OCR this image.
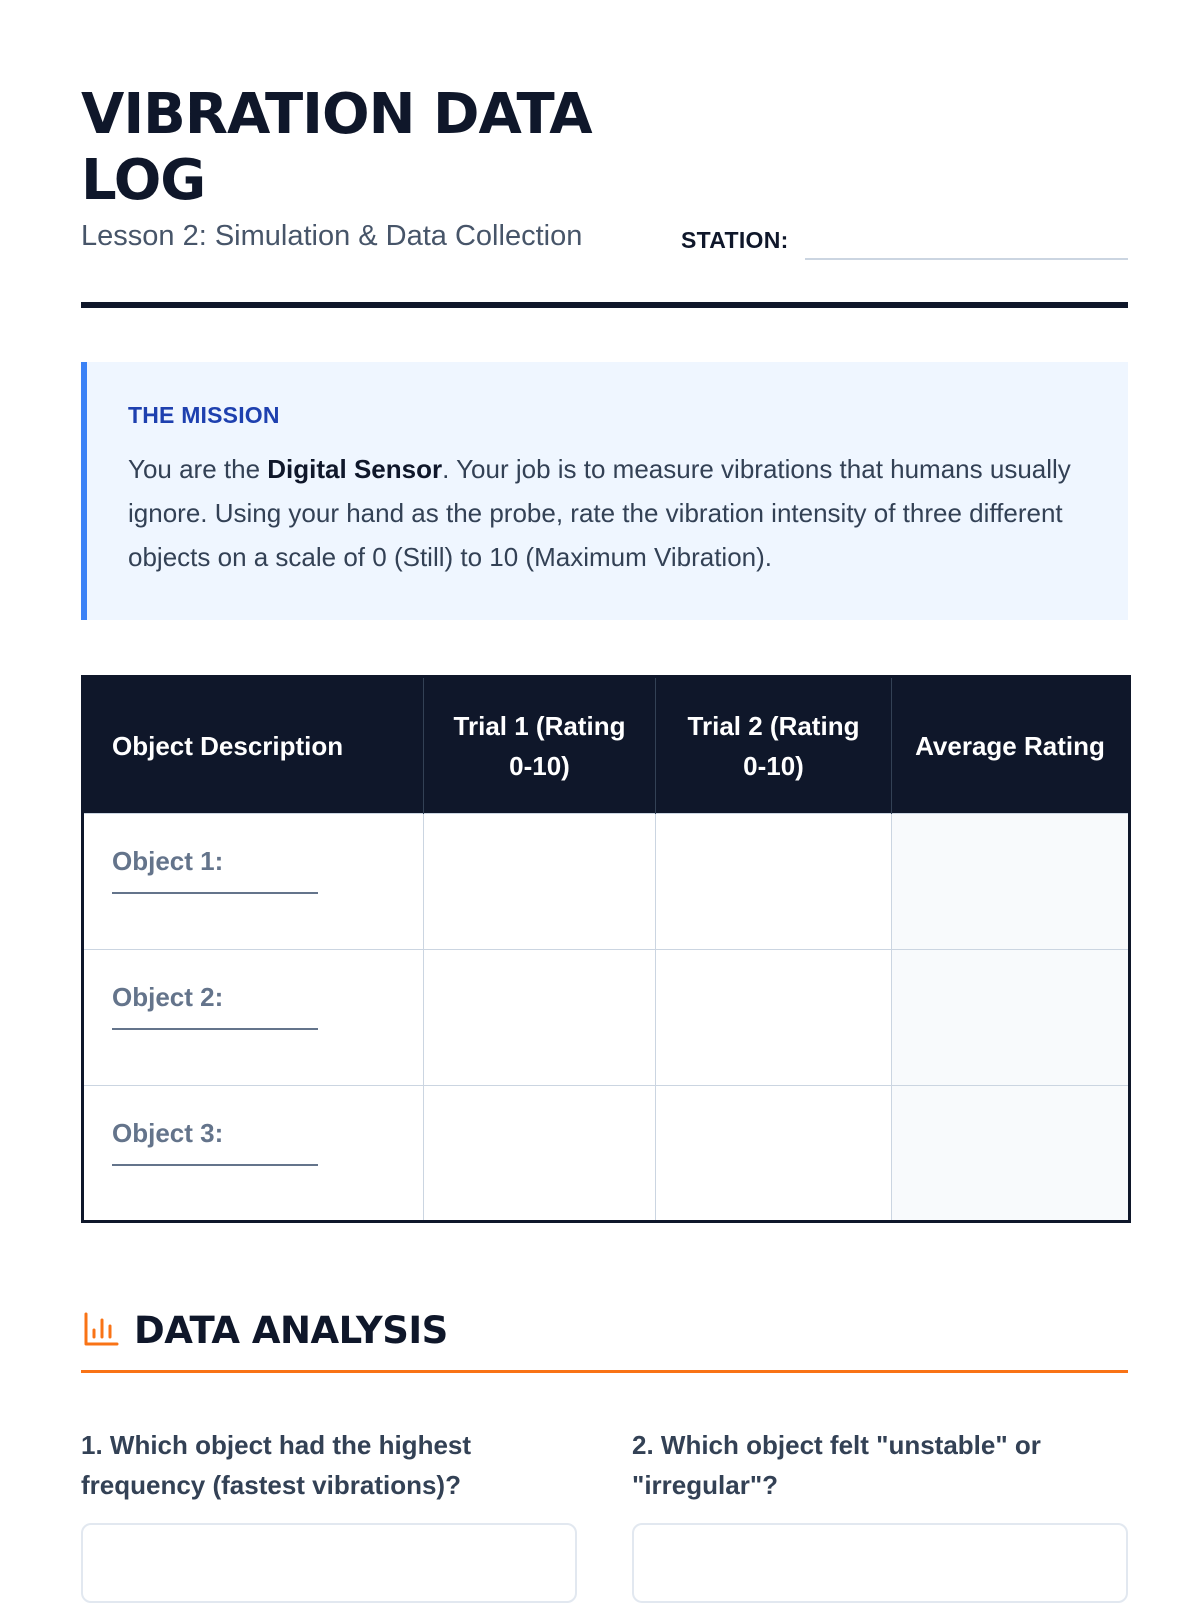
VIBRATION DATA LOG
Lesson 2: Simulation & Data Collection	STATION:
THE MISSION

You are the Digital Sensor. Your job is to measure vibrations that humans usually ignore. Using your hand as the probe, rate the vibration intensity of three different objects on a scale of 0 (Still) to 10 (Maximum Vibration).

Object Description	Trial 1 (Rating 0-10)	Trial 2 (Rating 0-10)	Average Rating

Object 1:			

Object 2:			

Object 3:			

DATA ANALYSIS

1. Which object had the highest frequency (fastest vibrations)?

2. Which object felt "unstable" or "irregular"?
